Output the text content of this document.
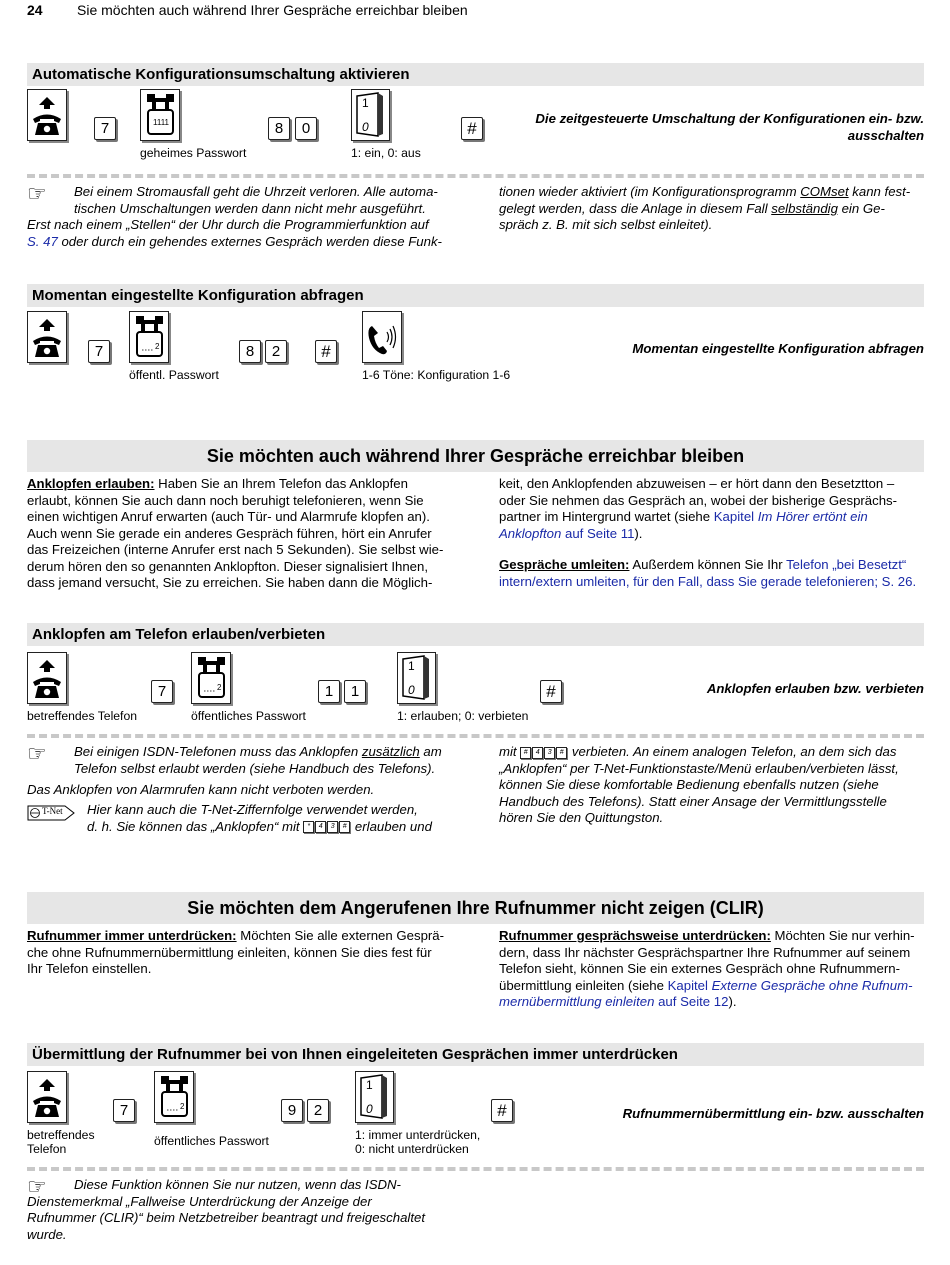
24 Sie möchten auch während Ihrer Gespräche erreichbar bleiben
Automatische Konfigurationsumschaltung aktivieren
7	1111	8	0
1
0	#
Die zeitgesteuerte Umschaltung der Konfigurationen ein- bzw.
ausschalten
geheimes Passwort	1: ein, 0: aus
☞	Bei einem Stromausfall geht die Uhrzeit verloren. Alle automa-
tischen Umschaltungen werden dann nicht mehr ausgeführt.
Erst nach einem „Stellen“ der Uhr durch die Programmierfunktion auf
S. 47 oder durch ein gehendes externes Gespräch werden diese Funk-
tionen wieder aktiviert (im Konfigurationsprogramm COMset kann fest-
gelegt werden, dass die Anlage in diesem Fall selbständig ein Ge-
spräch z. B. mit sich selbst einleitet).
Momentan eingestellte Konfiguration abfragen
7	2	8	2	#	Momentan eingestellte Konfiguration abfragen
öffentl. Passwort	1-6 Töne: Konfiguration 1-6
Sie möchten auch während Ihrer Gespräche erreichbar bleiben
Anklopfen erlauben: Haben Sie an Ihrem Telefon das Anklopfen
erlaubt, können Sie auch dann noch beruhigt telefonieren, wenn Sie
einen wichtigen Anruf erwarten (auch Tür- und Alarmrufe klopfen an).
Auch wenn Sie gerade ein anderes Gespräch führen, hört ein Anrufer
das Freizeichen (interne Anrufer erst nach 5 Sekunden). Sie selbst wie-
derum hören den so genannten Anklopfton. Dieser signalisiert Ihnen,
dass jemand versucht, Sie zu erreichen. Sie haben dann die Möglich-
keit, den Anklopfenden abzuweisen – er hört dann den Besetztton –
oder Sie nehmen das Gespräch an, wobei der bisherige Gesprächs-
partner im Hintergrund wartet (siehe Kapitel Im Hörer ertönt ein
Anklopfton auf Seite 11).
Gespräche umleiten: Außerdem können Sie Ihr Telefon „bei Besetzt“
intern/extern umleiten, für den Fall, dass Sie gerade telefonieren; S. 26.
Anklopfen am Telefon erlauben/verbieten
7	2	1	1
1
0	#	Anklopfen erlauben bzw. verbieten
betreffendes Telefon	öffentliches Passwort	1: erlauben; 0: verbieten
☞	Bei einigen ISDN-Telefonen muss das Anklopfen zusätzlich am
Telefon selbst erlaubt werden (siehe Handbuch des Telefons).
Das Anklopfen von Alarmrufen kann nicht verboten werden.
T-Net	Hier kann auch die T-Net-Ziffernfolge verwendet werden,
d. h. Sie können das „Anklopfen“ mit * 4 3 # erlauben und
mit # 4 3 # verbieten. An einem analogen Telefon, an dem sich das
„Anklopfen“ per T-Net-Funktionstaste/Menü erlauben/verbieten lässt,
können Sie diese komfortable Bedienung ebenfalls nutzen (siehe
Handbuch des Telefons). Statt einer Ansage der Vermittlungsstelle
hören Sie den Quittungston.
Sie möchten dem Angerufenen Ihre Rufnummer nicht zeigen (CLIR)
Rufnummer immer unterdrücken: Möchten Sie alle externen Gesprä-
che ohne Rufnummernübermittlung einleiten, können Sie dies fest für
Ihr Telefon einstellen.
Rufnummer gesprächsweise unterdrücken: Möchten Sie nur verhin-
dern, dass Ihr nächster Gesprächspartner Ihre Rufnummer auf seinem
Telefon sieht, können Sie ein externes Gespräch ohne Rufnummern-
übermittlung einleiten (siehe Kapitel Externe Gespräche ohne Rufnum-
mernübermittlung einleiten auf Seite 12).
Übermittlung der Rufnummer bei von Ihnen eingeleiteten Gesprächen immer unterdrücken
7	2	9	2
1
0	#	Rufnummernübermittlung ein- bzw. ausschalten
betreffendes
Telefon
öffentliches Passwort	1: immer unterdrücken,
0: nicht unterdrücken
☞	Diese Funktion können Sie nur nutzen, wenn das ISDN-
Dienstemerkmal „Fallweise Unterdrückung der Anzeige der
Rufnummer (CLIR)“ beim Netzbetreiber beantragt und freigeschaltet
wurde.
